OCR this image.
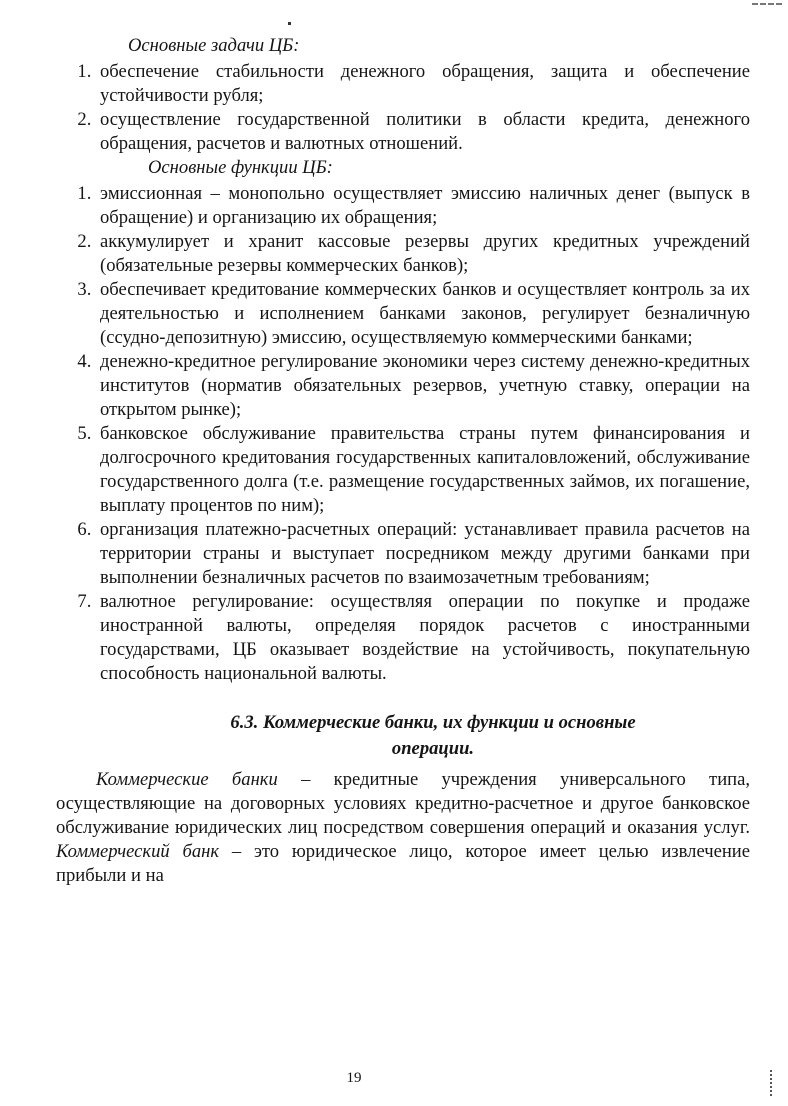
Основные задачи ЦБ:

1. обеспечение стабильности денежного обращения, защита и обеспечение устойчивости рубля;
2. осуществление государственной политики в области кредита, денежного обращения, расчетов и валютных отношений.

Основные функции ЦБ:

1. эмиссионная – монопольно осуществляет эмиссию наличных денег (выпуск в обращение) и организацию их обращения;
2. аккумулирует и хранит кассовые резервы других кредитных учреждений (обязательные резервы коммерческих банков);
3. обеспечивает кредитование коммерческих банков и осуществляет контроль за их деятельностью и исполнением банками законов, регулирует безналичную (ссудно-депозитную) эмиссию, осуществляемую коммерческими банками;
4. денежно-кредитное регулирование экономики через систему денежно-кредитных институтов (норматив обязательных резервов, учетную ставку, операции на открытом рынке);
5. банковское обслуживание правительства страны путем финансирования и долгосрочного кредитования государственных капиталовложений, обслуживание государственного долга (т.е. размещение государственных займов, их погашение, выплату процентов по ним);
6. организация платежно-расчетных операций: устанавливает правила расчетов на территории страны и выступает посредником между другими банками при выполнении безналичных расчетов по взаимозачетным требованиям;
7. валютное регулирование: осуществляя операции по покупке и продаже иностранной валюты, определяя порядок расчетов с иностранными государствами, ЦБ оказывает воздействие на устойчивость, покупательную способность национальной валюты.
6.3. Коммерческие банки, их функции и основные
операции.

Коммерческие банки – кредитные учреждения универсального типа, осуществляющие на договорных условиях кредитно-расчетное и другое банковское обслуживание юридических лиц посредством совершения операций и оказания услуг. Коммерческий банк – это юридическое лицо, которое имеет целью извлечение прибыли и на

19
